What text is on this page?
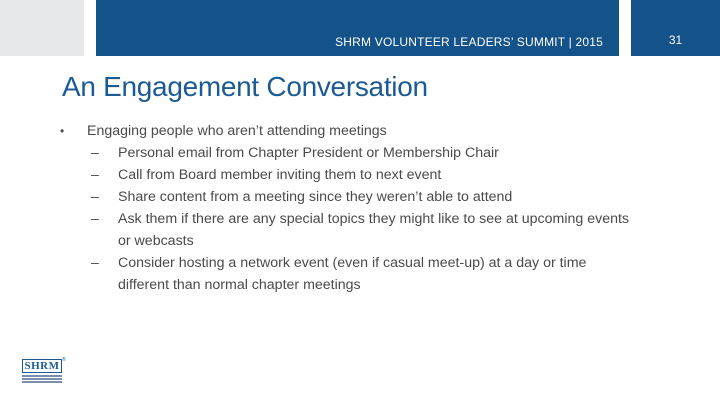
SHRM VOLUNTEER LEADERS’ SUMMIT | 2015	31
An Engagement Conversation
•	Engaging people who aren’t attending meetings
–	Personal email from Chapter President or Membership Chair
–	Call from Board member inviting them to next event
–	Share content from a meeting since they weren’t able to attend
–	Ask them if there are any special topics they might like to see at upcoming events or webcasts
–	Consider hosting a network event (even if casual meet-up) at a day or time different than normal chapter meetings
SHRM ®
